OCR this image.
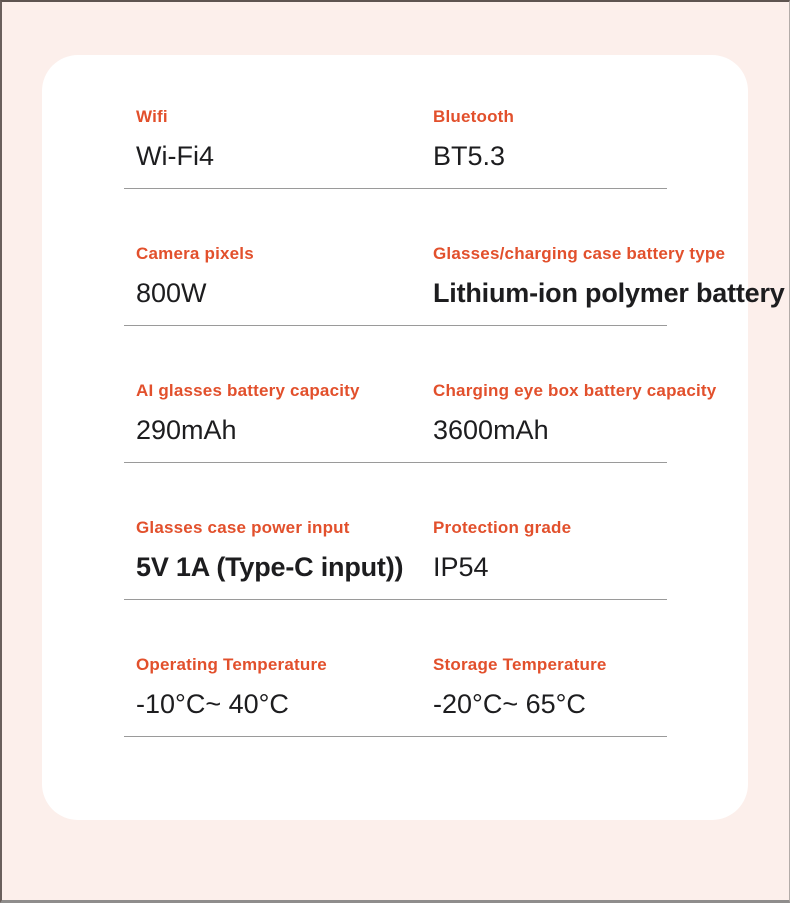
Wifi
Wi-Fi4
Bluetooth
BT5.3
Camera pixels
800W
Glasses/charging case battery type
Lithium-ion polymer battery
AI glasses battery capacity
290mAh
Charging eye box battery capacity
3600mAh
Glasses case power input
5V 1A (Type-C input))
Protection grade
IP54
Operating Temperature
-10°C~ 40°C
Storage Temperature
-20°C~ 65°C
